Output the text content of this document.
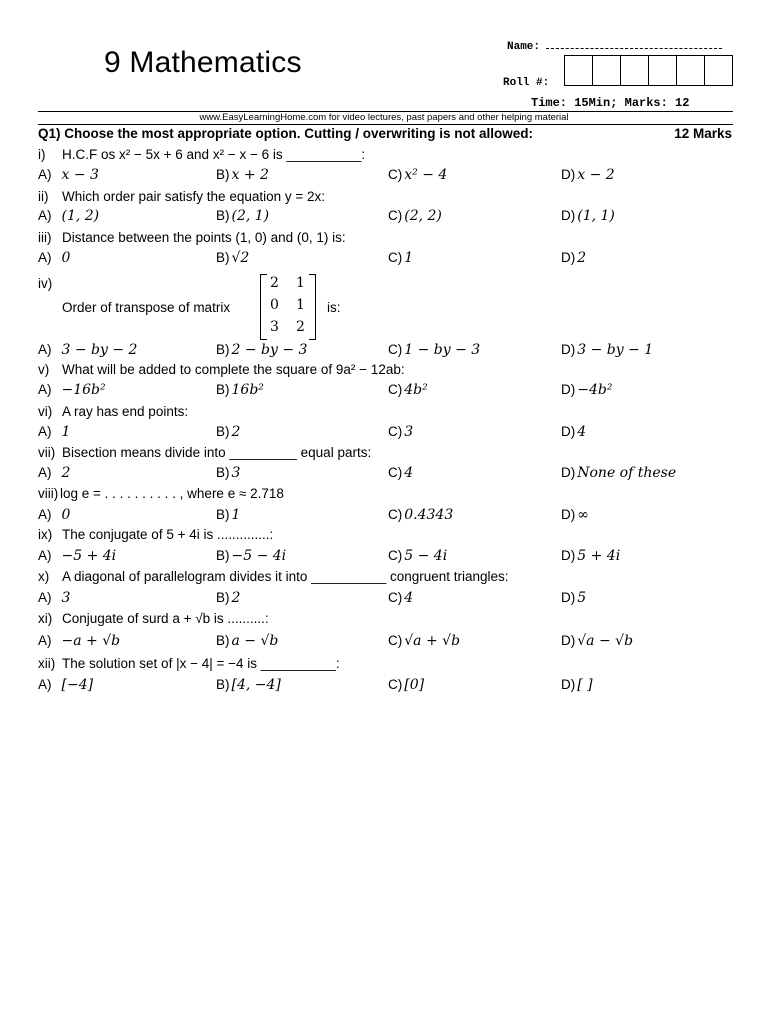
9 Mathematics	Name:
Roll #:
Time: 15Min; Marks: 12
www.EasyLearningHome.com for video lectures, past papers and other helping material
Q1) Choose the most appropriate option. Cutting / overwriting is not allowed:	12 Marks
i) H.C.F os x² − 5x + 6 and x² − x − 6 is __________:
A) x − 3	B) x + 2	C) x² − 4	D) x − 2
ii) Which order pair satisfy the equation y = 2x:
A) (1, 2)	B) (2, 1)	C) (2, 2)	D) (1, 1)
iii) Distance between the points (1, 0) and (0, 1) is:
A) 0	B) √2	C) 1	D) 2
iv)
Order of transpose of matrix
2 1
0 1
3 2
is:
A) 3 − by − 2	B) 2 − by − 3	C) 1 − by − 3	D) 3 − by − 1
v) What will be added to complete the square of 9a² − 12ab:
A) −16b²	B) 16b²	C) 4b²	D) −4b²
vi) A ray has end points:
A) 1	B) 2	C) 3	D) 4
vii) Bisection means divide into _________ equal parts:
A) 2	B) 3	C) 4	D) None of these
viii) log e = . . . . . . . . . . , where e ≈ 2.718
A) 0	B) 1	C) 0.4343	D) ∞
ix) The conjugate of 5 + 4i is ..............:
A) −5 + 4i	B) −5 − 4i	C) 5 − 4i	D) 5 + 4i
x) A diagonal of parallelogram divides it into __________ congruent triangles:
A) 3	B) 2	C) 4	D) 5
xi) Conjugate of surd a + √b is ..........:
A) −a + √b	B) a − √b	C) √a + √b	D) √a − √b
xii) The solution set of |x − 4| = −4 is __________:
A) [−4]	B) [4, −4]	C) [0]	D) [ ]
